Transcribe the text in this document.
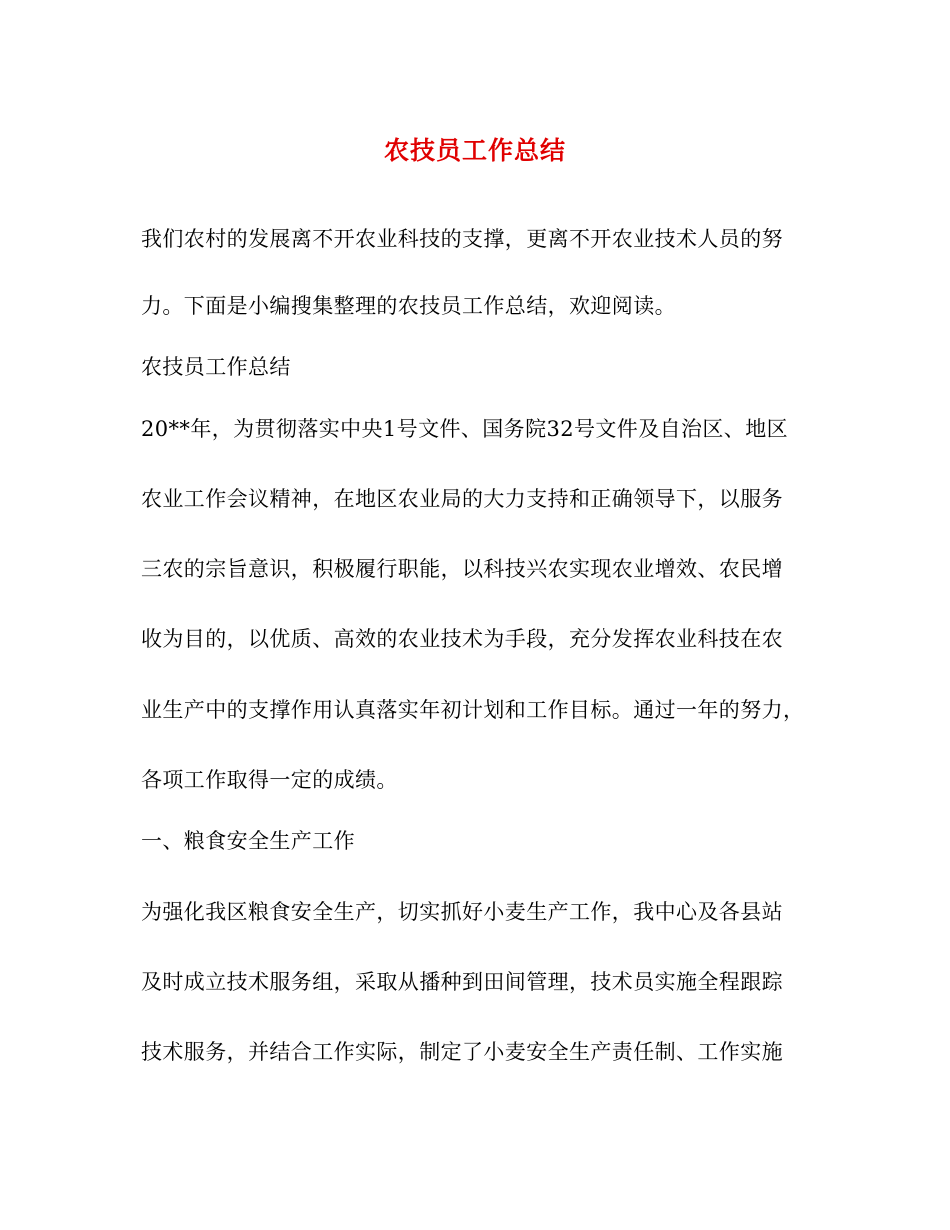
农技员工作总结
我们农村的发展离不开农业科技的支撑，更离不开农业技术人员的努
力。下面是小编搜集整理的农技员工作总结，欢迎阅读。
农技员工作总结
20**年，为贯彻落实中央1号文件、国务院32号文件及自治区、地区
农业工作会议精神，在地区农业局的大力支持和正确领导下，以服务
三农的宗旨意识，积极履行职能，以科技兴农实现农业增效、农民增
收为目的，以优质、高效的农业技术为手段，充分发挥农业科技在农
业生产中的支撑作用认真落实年初计划和工作目标。通过一年的努力，
各项工作取得一定的成绩。
一、粮食安全生产工作
为强化我区粮食安全生产，切实抓好小麦生产工作，我中心及各县站
及时成立技术服务组，采取从播种到田间管理，技术员实施全程跟踪
技术服务，并结合工作实际，制定了小麦安全生产责任制、工作实施
